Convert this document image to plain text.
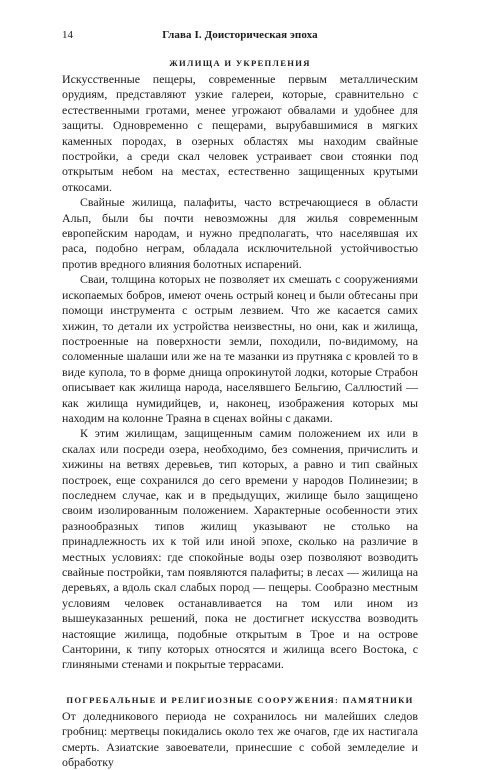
14	Глава I. Доисторическая эпоха
ЖИЛИЩА И УКРЕПЛЕНИЯ

Искусственные пещеры, современные первым металлическим орудиям, представляют узкие галереи, которые, сравнительно с естественными гротами, менее угрожают обвалами и удобнее для защиты. Одновременно с пещерами, вырубавшимися в мягких каменных породах, в озерных областях мы находим свайные постройки, а среди скал человек устраивает свои стоянки под открытым небом на местах, естественно защищенных крутыми откосами.

Свайные жилища, палафиты, часто встречающиеся в области Альп, были бы почти невозможны для жилья современным европейским народам, и нужно предполагать, что населявшая их раса, подобно неграм, обладала исключительной устойчивостью против вредного влияния болотных испарений.

Сваи, толщина которых не позволяет их смешать с сооружениями ископаемых бобров, имеют очень острый конец и были обтесаны при помощи инструмента с острым лезвием. Что же касается самих хижин, то детали их устройства неизвестны, но они, как и жилища, построенные на поверхности земли, походили, по-видимому, на соломенные шалаши или же на те мазанки из прутняка с кровлей то в виде купола, то в форме днища опрокинутой лодки, которые Страбон описывает как жилища народа, населявшего Бельгию, Саллюстий — как жилища нумидийцев, и, наконец, изображения которых мы находим на колонне Траяна в сценах войны с даками.

К этим жилищам, защищенным самим положением их или в скалах или посреди озера, необходимо, без сомнения, причислить и хижины на ветвях деревьев, тип которых, а равно и тип свайных построек, еще сохранился до сего времени у народов Полинезии; в последнем случае, как и в предыдущих, жилище было защищено своим изолированным положением. Характерные особенности этих разнообразных типов жилищ указывают не столько на принадлежность их к той или иной эпохе, сколько на различие в местных условиях: где спокойные воды озер позволяют возводить свайные постройки, там появляются палафиты; в лесах — жилища на деревьях, а вдоль скал слабых пород — пещеры. Сообразно местным условиям человек останавливается на том или ином из вышеуказанных решений, пока не достигнет искусства возводить настоящие жилища, подобные открытым в Трое и на острове Санторини, к типу которых относятся и жилища всего Востока, с глиняными стенами и покрытые террасами.

ПОГРЕБАЛЬНЫЕ И РЕЛИГИОЗНЫЕ СООРУЖЕНИЯ: ПАМЯТНИКИ

От доледникового периода не сохранилось ни малейших следов гробниц: мертвецы покидались около тех же очагов, где их настигала смерть. Азиатские завоеватели, принесшие с собой земледелие и обработку
